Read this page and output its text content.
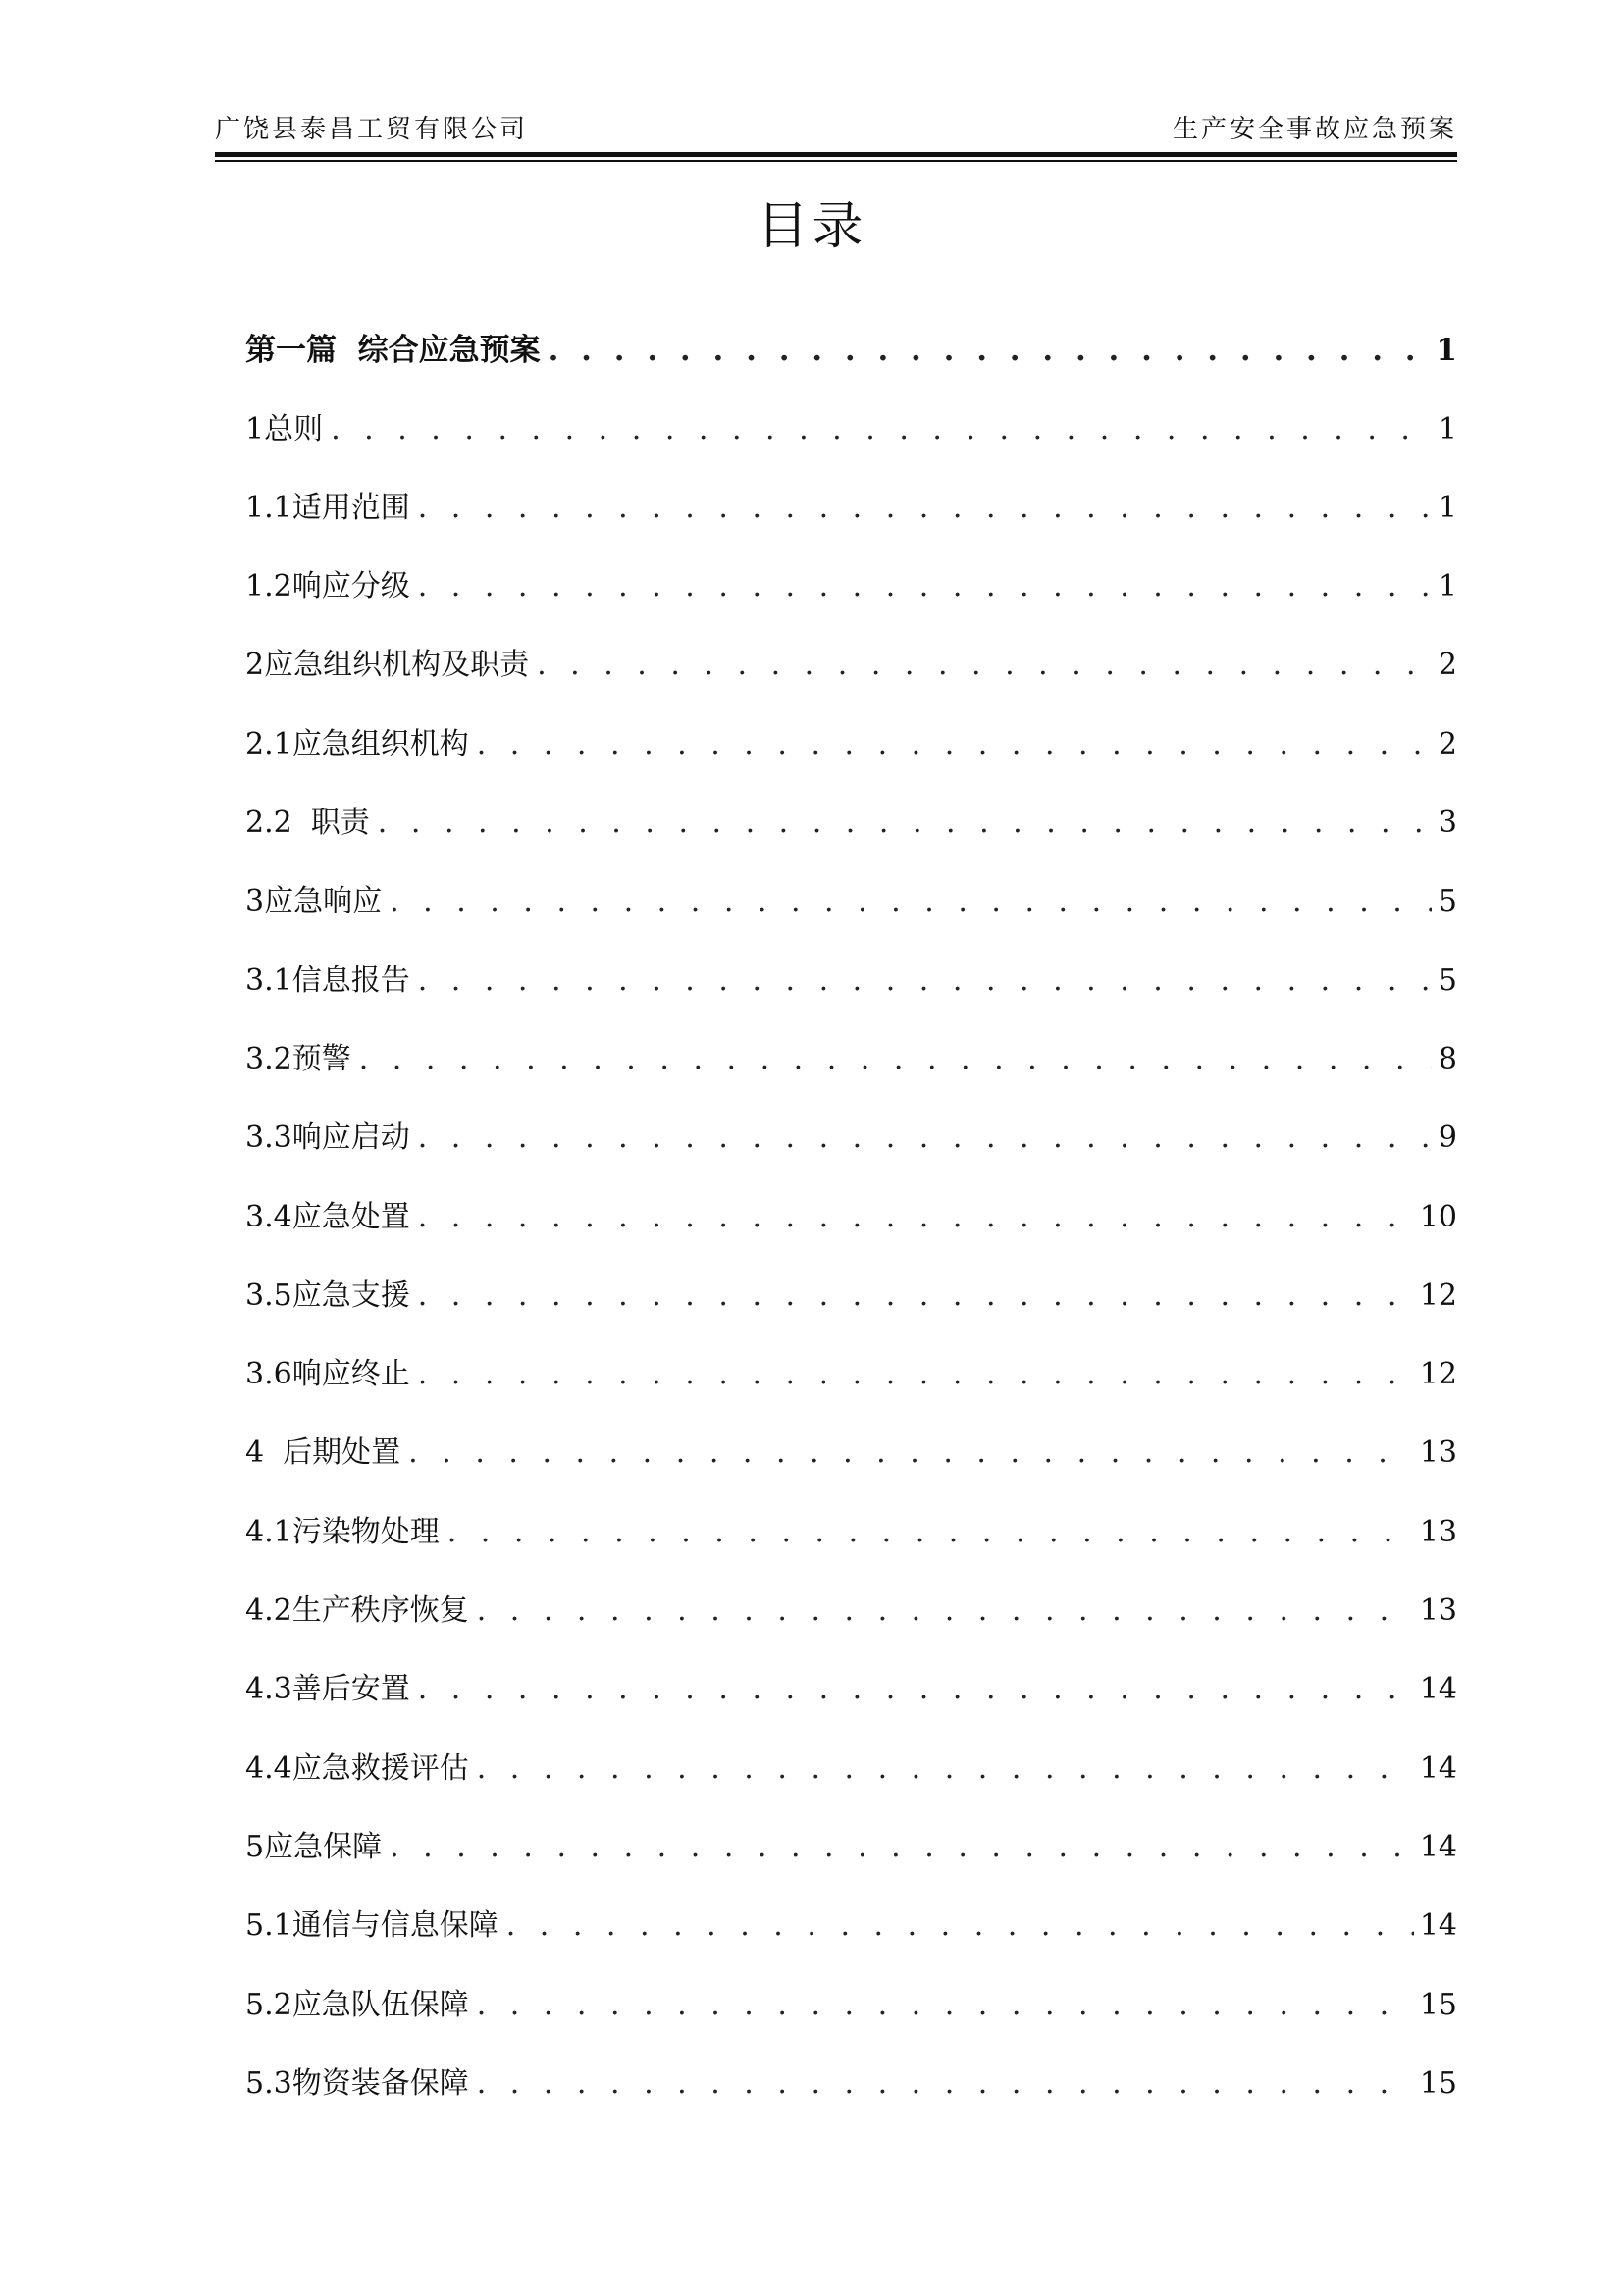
广饶县泰昌工贸有限公司	生产安全事故应急预案
目录
第一篇  综合应急预案 . . .	1
1总则 . . .	1
1.1适用范围 . . .	1
1.2响应分级 . . .	1
2应急组织机构及职责 . . .	2
2.1应急组织机构 . . .	2
2.2  职责 . . .	3
3应急响应 . . .	5
3.1信息报告 . . .	5
3.2预警 . . .	8
3.3响应启动 . . .	9
3.4应急处置 . . .	10
3.5应急支援 . . .	12
3.6响应终止 . . .	12
4  后期处置 . . .	13
4.1污染物处理 . . .	13
4.2生产秩序恢复 . . .	13
4.3善后安置 . . .	14
4.4应急救援评估 . . .	14
5应急保障 . . .	14
5.1通信与信息保障 . . .	14
5.2应急队伍保障 . . .	15
5.3物资装备保障 . . .	15
